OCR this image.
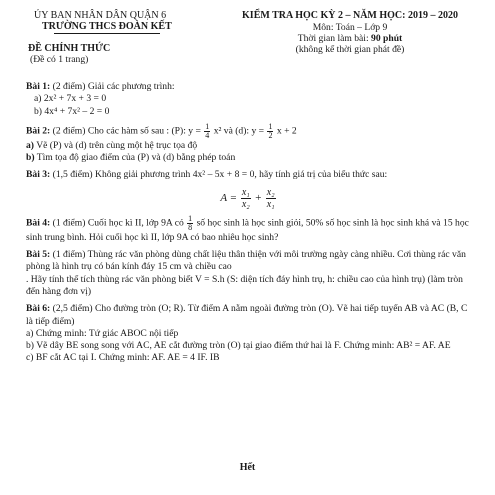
ỦY BAN NHÂN DÂN QUẬN 6
TRƯỜNG THCS ĐOÀN KẾT
ĐỀ CHÍNH THỨC
(Đề có 1 trang)
KIỂM TRA HỌC KỲ 2 – NĂM HỌC: 2019 – 2020
Môn: Toán – Lớp 9
Thời gian làm bài: 90 phút
(không kể thời gian phát đề)
Bài 1: (2 điểm) Giải các phương trình:
a) 2x² + 7x + 3 = 0
b) 4x⁴ + 7x² – 2 = 0
Bài 2: (2 điểm) Cho các hàm số sau : (P): $y = \frac{1}{4} x^2$ và (d): $y = \frac{1}{2}$ x + 2
a) Vẽ (P) và (d) trên cùng một hệ trục tọa độ
b) Tìm tọa độ giao điểm của (P) và (d) bằng phép toán
Bài 3: (1,5 điểm) Không giải phương trình 4x² – 5x + 8 = 0, hãy tính giá trị của biểu thức sau:
$A = \frac{\text{x₁}}{\text{x₂}} + \frac{\text{x₂}}{\text{x₁}}$
Bài 4: (1 điểm) Cuối học kì II, lớp 9A có $\frac{1}{8}$ số học sinh là học sinh giỏi, 50% số học sinh là học sinh khá và 15 học sinh trung bình. Hỏi cuối học kì II, lớp 9A có bao nhiêu học sinh?
Bài 5: (1 điểm) Thùng rác văn phòng dùng chất liệu thân thiện với môi trường ngày càng nhiều. Cơi thùng rác văn phòng là hình trụ có bán kính đáy 15 cm và chiều cao
. Hãy tính thể tích thùng rác văn phòng biết V = S.h (S: diện tích đáy hình trụ, h: chiều cao của hình trụ) (làm tròn đến hàng đơn vị)
Bài 6: (2,5 điểm) Cho đường tròn (O; R). Từ điểm A nằm ngoài đường tròn (O). Vẽ hai tiếp tuyến AB và AC (B, C là tiếp điểm)
a) Chứng minh: Tứ giác ABOC nội tiếp
b) Vẽ dây BE song song với AC, AE cắt đường tròn (O) tại giao điểm thứ hai là F. Chứng minh: AB² = AF. AE
c) BF cắt AC tại I. Chứng minh: AF. AE = 4 IF. IB
Hết
